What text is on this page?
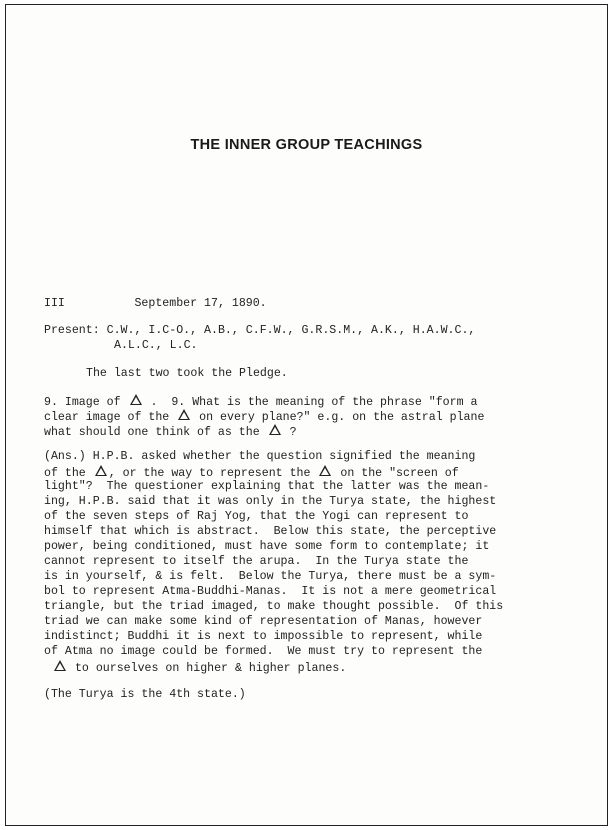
THE INNER GROUP TEACHINGS
III	September 17, 1890.
Present: C.W., I.C-O., A.B., C.F.W., G.R.S.M., A.K., H.A.W.C.,
A.L.C., L.C.
The last two took the Pledge.
9. Image of  .  9. What is the meaning of the phrase "form a
clear image of the  on every plane?" e.g. on the astral plane
what should one think of as the  ?
(Ans.) H.P.B. asked whether the question signified the meaning
of the , or the way to represent the  on the "screen of
light"?  The questioner explaining that the latter was the mean-
ing, H.P.B. said that it was only in the Turya state, the highest
of the seven steps of Raj Yog, that the Yogi can represent to
himself that which is abstract.  Below this state, the perceptive
power, being conditioned, must have some form to contemplate; it
cannot represent to itself the arupa.  In the Turya state the
is in yourself, & is felt.  Below the Turya, there must be a sym-
bol to represent Atma-Buddhi-Manas.  It is not a mere geometrical
triangle, but the triad imaged, to make thought possible.  Of this
triad we can make some kind of representation of Manas, however
indistinct; Buddhi it is next to impossible to represent, while
of Atma no image could be formed.  We must try to represent the
to ourselves on higher & higher planes.
(The Turya is the 4th state.)
